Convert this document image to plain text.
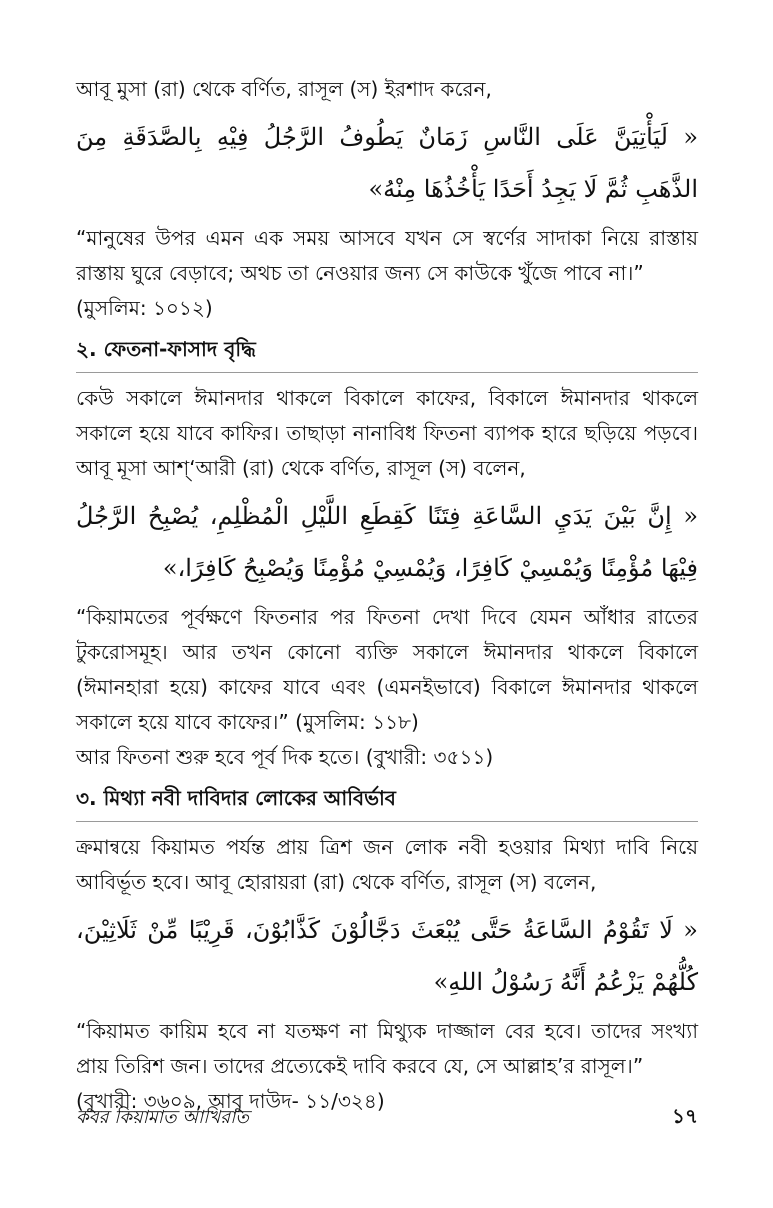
আবূ মুসা (রা) থেকে বর্ণিত, রাসূল (স) ইরশাদ করেন,

« لَيَأْتِيَنَّ عَلَى النَّاسِ زَمَانٌ يَطُوفُ الرَّجُلُ فِيْهِ بِالصَّدَقَةِ مِنَ الذَّهَبِ ثُمَّ لَا يَجِدُ أَحَدًا يَأْخُذُهَا مِنْهُ»

“মানুষের উপর এমন এক সময় আসবে যখন সে স্বর্ণের সাদাকা নিয়ে রাস্তায় রাস্তায় ঘুরে বেড়াবে; অথচ তা নেওয়ার জন্য সে কাউকে খুঁজে পাবে না।”

(মুসলিম: ১০১২)

২. ফেতনা-ফাসাদ বৃদ্ধি

কেউ সকালে ঈমানদার থাকলে বিকালে কাফের, বিকালে ঈমানদার থাকলে সকালে হয়ে যাবে কাফির। তাছাড়া নানাবিধ ফিতনা ব্যাপক হারে ছড়িয়ে পড়বে। আবূ মূসা আশ্‘আরী (রা) থেকে বর্ণিত, রাসূল (স) বলেন,

« إِنَّ بَيْنَ يَدَيِ السَّاعَةِ فِتَنًا كَقِطَعِ اللَّيْلِ الْمُظْلِمِ، يُصْبِحُ الرَّجُلُ فِيْهَا مُؤْمِنًا وَيُمْسِيْ كَافِرًا، وَيُمْسِيْ مُؤْمِنًا وَيُصْبِحُ كَافِرًا،»

“কিয়ামতের পূর্বক্ষণে ফিতনার পর ফিতনা দেখা দিবে যেমন আঁধার রাতের টুকরোসমূহ। আর তখন কোনো ব্যক্তি সকালে ঈমানদার থাকলে বিকালে (ঈমানহারা হয়ে) কাফের যাবে এবং (এমনইভাবে) বিকালে ঈমানদার থাকলে সকালে হয়ে যাবে কাফের।” (মুসলিম: ১১৮)

আর ফিতনা শুরু হবে পূর্ব দিক হতে। (বুখারী: ৩৫১১)

৩. মিথ্যা নবী দাবিদার লোকের আবির্ভাব

ক্রমান্বয়ে কিয়ামত পর্যন্ত প্রায় ত্রিশ জন লোক নবী হওয়ার মিথ্যা দাবি নিয়ে আবির্ভূত হবে। আবূ হোরায়রা (রা) থেকে বর্ণিত, রাসূল (স) বলেন,

« لَا تَقُوْمُ السَّاعَةُ حَتَّى يُبْعَثَ دَجَّالُوْنَ كَذَّابُوْنَ، قَرِيْبًا مِّنْ ثَلَاثِيْنَ، كُلُّهُمْ يَزْعُمُ أَنَّهُ رَسُوْلُ اللهِ»

“কিয়ামত কায়িম হবে না যতক্ষণ না মিথ্যুক দাজ্জাল বের হবে। তাদের সংখ্যা প্রায় তিরিশ জন। তাদের প্রত্যেকেই দাবি করবে যে, সে আল্লাহ’র রাসূল।”

(বুখারী: ৩৬০৯, আবু দাউদ- ১১/৩২৪)

কবর কিয়ামাত আখিরাত	১৭
